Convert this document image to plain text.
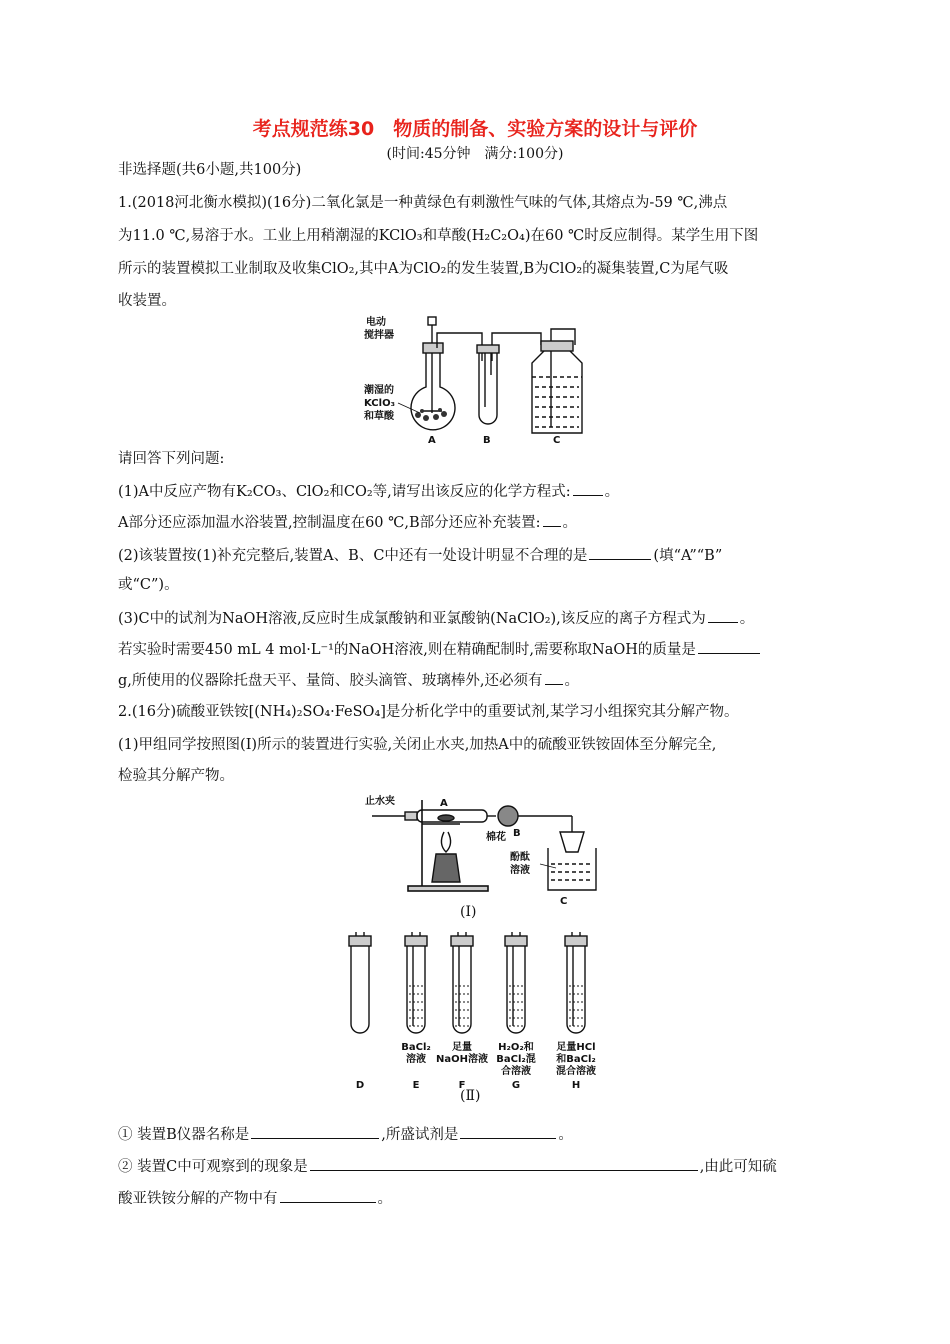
考点规范练30　物质的制备、实验方案的设计与评价
(时间:45分钟　满分:100分)
非选择题(共6小题,共100分)
1.(2018河北衡水模拟)(16分)二氧化氯是一种黄绿色有刺激性气味的气体,其熔点为-59 ℃,沸点
为11.0 ℃,易溶于水。工业上用稍潮湿的KClO₃和草酸(H₂C₂O₄)在60 ℃时反应制得。某学生用下图
所示的装置模拟工业制取及收集ClO₂,其中A为ClO₂的发生装置,B为ClO₂的凝集装置,C为尾气吸
收装置。
电动
搅拌器
潮湿的
KClO₃
和草酸
A	B	C
请回答下列问题:
(1)A中反应产物有K₂CO₃、ClO₂和CO₂等,请写出该反应的化学方程式: 。
A部分还应添加温水浴装置,控制温度在60 ℃,B部分还应补充装置: 。
(2)该装置按(1)补充完整后,装置A、B、C中还有一处设计明显不合理的是	(填“A”“B”
或“C”)。
(3)C中的试剂为NaOH溶液,反应时生成氯酸钠和亚氯酸钠(NaClO₂),该反应的离子方程式为 。
若实验时需要450 mL 4 mol·L⁻¹的NaOH溶液,则在精确配制时,需要称取NaOH的质量是
g,所使用的仪器除托盘天平、量筒、胶头滴管、玻璃棒外,还必须有 。
2.(16分)硫酸亚铁铵[(NH₄)₂SO₄·FeSO₄]是分析化学中的重要试剂,某学习小组探究其分解产物。
(1)甲组同学按照图(Ⅰ)所示的装置进行实验,关闭止水夹,加热A中的硫酸亚铁铵固体至分解完全,
检验其分解产物。
止水夹	A
棉花 B
酚酞
溶液
C
(Ⅰ)
D
BaCl₂
溶液
E
足量
NaOH溶液
F
H₂O₂和
BaCl₂混
合溶液
G
足量HCl
和BaCl₂
混合溶液
H
(Ⅱ)
① 装置B仪器名称是	,所盛试剂是	。
② 装置C中可观察到的现象是	,由此可知硫
酸亚铁铵分解的产物中有	。
